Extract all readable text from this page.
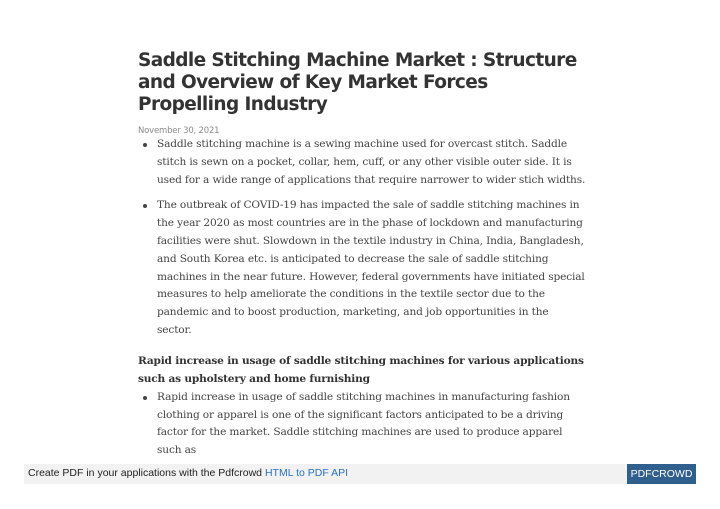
Saddle Stitching Machine Market : Structure and Overview of Key Market Forces Propelling Industry
November 30, 2021
Saddle stitching machine is a sewing machine used for overcast stitch. Saddle stitch is sewn on a pocket, collar, hem, cuff, or any other visible outer side. It is used for a wide range of applications that require narrower to wider stich widths.
The outbreak of COVID-19 has impacted the sale of saddle stitching machines in the year 2020 as most countries are in the phase of lockdown and manufacturing facilities were shut. Slowdown in the textile industry in China, India, Bangladesh, and South Korea etc. is anticipated to decrease the sale of saddle stitching machines in the near future. However, federal governments have initiated special measures to help ameliorate the conditions in the textile sector due to the pandemic and to boost production, marketing, and job opportunities in the sector.

Rapid increase in usage of saddle stitching machines for various applications such as upholstery and home furnishing

Rapid increase in usage of saddle stitching machines in manufacturing fashion clothing or apparel is one of the significant factors anticipated to be a driving factor for the market. Saddle stitching machines are used to produce apparel such as
Create PDF in your applications with the Pdfcrowd HTML to PDF API	PDFCROWD
